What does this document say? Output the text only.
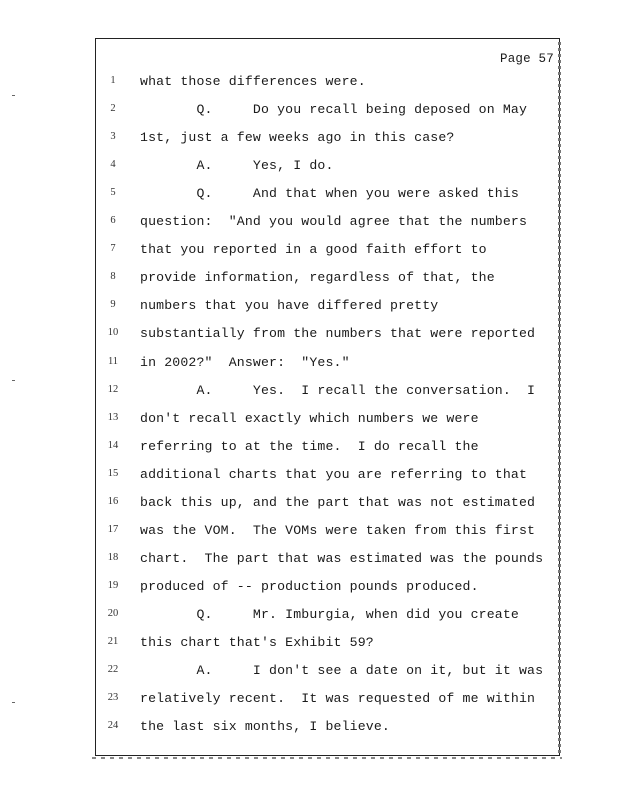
Page 57
1
2
3
4
5
6
7
8
9
10
11
12
13
14
15
16
17
18
19
20
21
22
23
24
what those differences were.
Q.     Do you recall being deposed on May
1st, just a few weeks ago in this case?
A.     Yes, I do.
Q.     And that when you were asked this
question:  "And you would agree that the numbers
that you reported in a good faith effort to
provide information, regardless of that, the
numbers that you have differed pretty
substantially from the numbers that were reported
in 2002?"  Answer:  "Yes."
A.     Yes.  I recall the conversation.  I
don't recall exactly which numbers we were
referring to at the time.  I do recall the
additional charts that you are referring to that
back this up, and the part that was not estimated
was the VOM.  The VOMs were taken from this first
chart.  The part that was estimated was the pounds
produced of -- production pounds produced.
Q.     Mr. Imburgia, when did you create
this chart that's Exhibit 59?
A.     I don't see a date on it, but it was
relatively recent.  It was requested of me within
the last six months, I believe.
